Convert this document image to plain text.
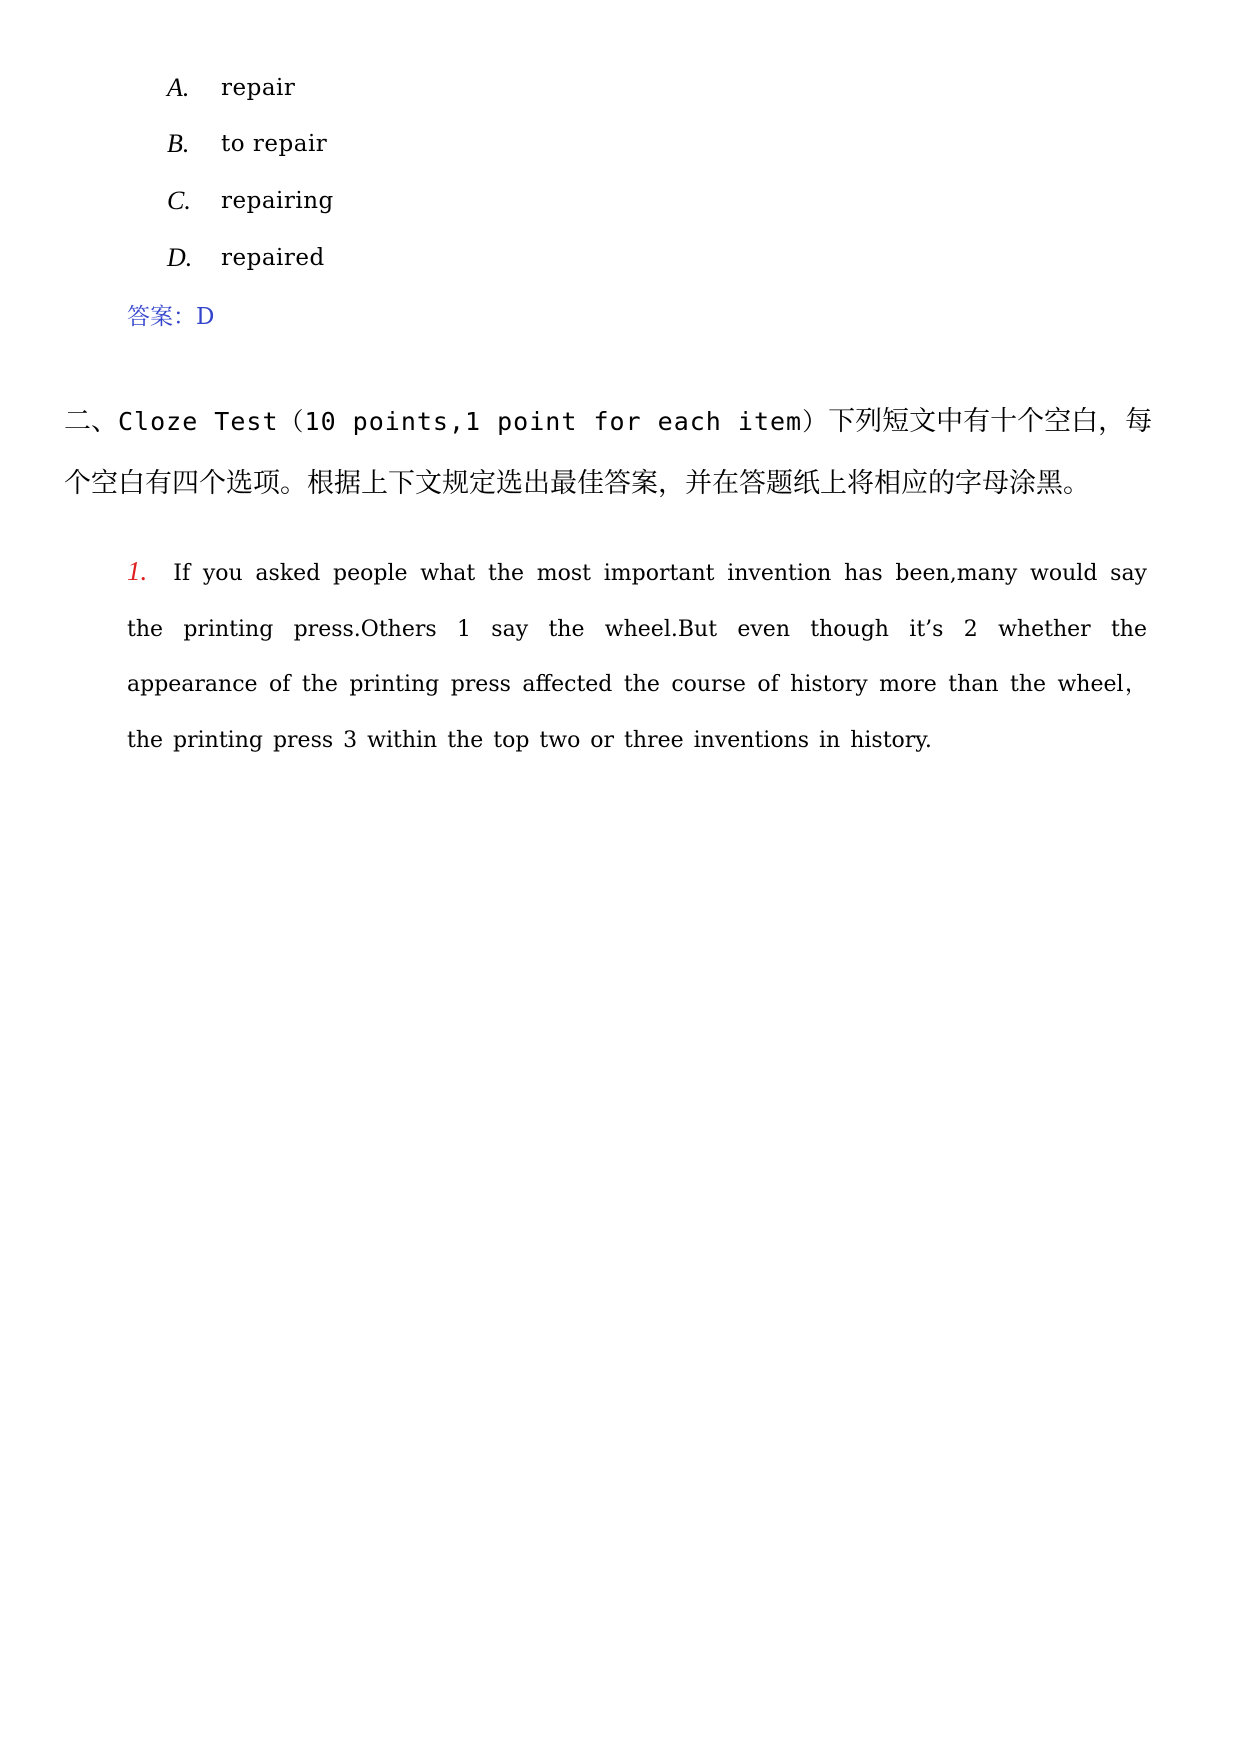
A.	repair
B.	to repair
C.	repairing
D.	repaired
答案：D
二、Cloze Test（10 points,1 point for each item）下列短文中有十个空白，每个空白有四个选项。根据上下文规定选出最佳答案，并在答题纸上将相应的字母涂黑。
1. If you asked people what the most important invention has been,many would say the printing press.Others 1 say the wheel.But even though it’s 2 whether the appearance of the printing press affected the course of history more than the wheel，the printing press 3 within the top two or three inventions in history.
